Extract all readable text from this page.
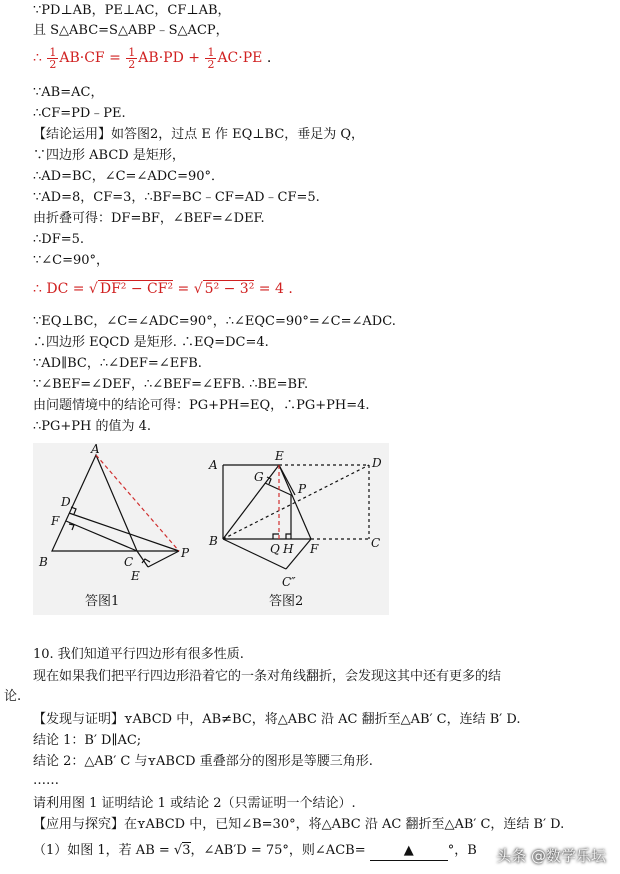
∵PD⊥AB，PE⊥AC，CF⊥AB，
且 S△ABC=S△ABP﹣S△ACP，
∴ $\frac{1}{2} AB\cdot CF = \frac{1}{2} AB\cdot PD + \frac{1}{2} AC\cdot PE$ .
∵AB=AC，
∴CF=PD﹣PE.
【结论运用】如答图2，过点 E 作 EQ⊥BC，垂足为 Q，
∵四边形 ABCD 是矩形，
∴AD=BC，∠C=∠ADC=90°．
∵AD=8，CF=3，∴BF=BC﹣CF=AD﹣CF=5.
由折叠可得：DF=BF，∠BEF=∠DEF.
∴DF=5.
∵∠C=90°，
∴ DC = √ DF² − CF² = √ 5² − 3² = 4 .
∵EQ⊥BC，∠C=∠ADC=90°，∴∠EQC=90°=∠C=∠ADC.
∴四边形 EQCD 是矩形. ∴EQ=DC=4.
∵AD∥BC，∴∠DEF=∠EFB.
∵∠BEF=∠DEF，∴∠BEF=∠EFB. ∴BE=BF.
由问题情境中的结论可得：PG+PH=EQ，∴PG+PH=4.
∴PG+PH 的值为 4.
A
D
F
B	C
E
P
答图1
A
E	D
G
P
B
Q H F	C
C″
答图2
10. 我们知道平行四边形有很多性质.
现在如果我们把平行四边形沿着它的一条对角线翻折，会发现这其中还有更多的结
论.
【发现与证明】ʏABCD 中，AB≠BC，将△ABC 沿 AC 翻折至△AB′ C，连结 B′ D.
结论 1：B′ D∥AC;
结论 2：△AB′ C 与ʏABCD 重叠部分的图形是等腰三角形.
……
请利用图 1 证明结论 1 或结论 2（只需证明一个结论）.
【应用与探究】在ʏABCD 中，已知∠B=30°，将△ABC 沿 AC 翻折至△AB′ C，连结 B′ D.
（1）如图 1，若 AB = √3，∠AB′D = 75°，则∠ACB=	▲	°，B 头条 @数学乐坛
